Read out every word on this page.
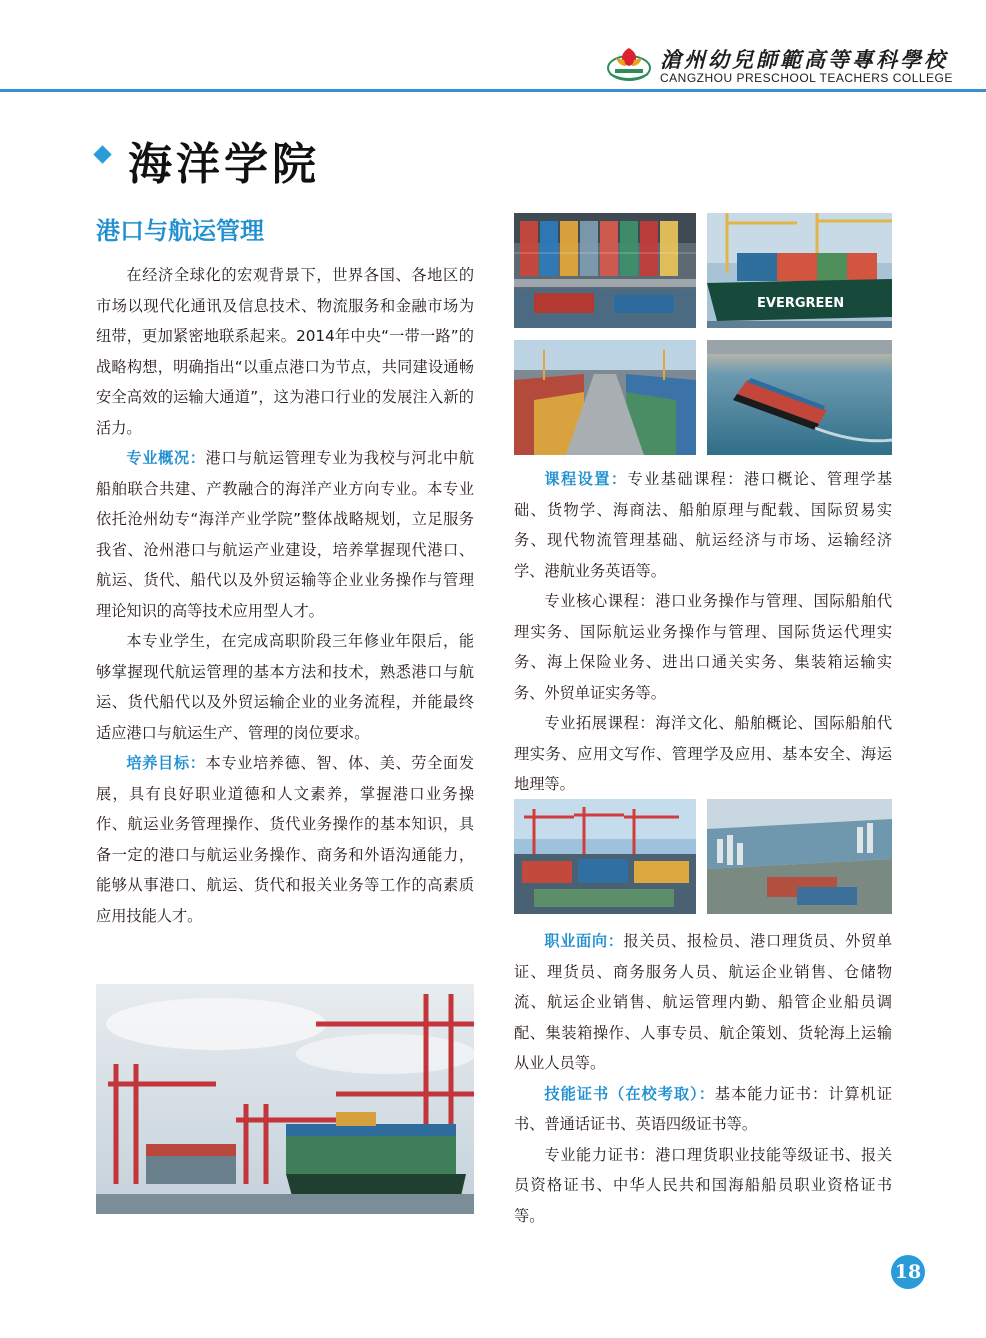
滄州幼兒師範高等專科學校
CANGZHOU PRESCHOOL TEACHERS COLLEGE
海洋学院
港口与航运管理

在经济全球化的宏观背景下，世界各国、各地区的市场以现代化通讯及信息技术、物流服务和金融市场为纽带，更加紧密地联系起来。2014年中央“一带一路”的战略构想，明确指出“以重点港口为节点，共同建设通畅安全高效的运输大通道”，这为港口行业的发展注入新的活力。

专业概况：港口与航运管理专业为我校与河北中航船舶联合共建、产教融合的海洋产业方向专业。本专业依托沧州幼专“海洋产业学院”整体战略规划，立足服务我省、沧州港口与航运产业建设，培养掌握现代港口、航运、货代、船代以及外贸运输等企业业务操作与管理理论知识的高等技术应用型人才。

本专业学生，在完成高职阶段三年修业年限后，能够掌握现代航运管理的基本方法和技术，熟悉港口与航运、货代船代以及外贸运输企业的业务流程，并能最终适应港口与航运生产、管理的岗位要求。

培养目标：本专业培养德、智、体、美、劳全面发展，具有良好职业道德和人文素养，掌握港口业务操作、航运业务管理操作、货代业务操作的基本知识，具备一定的港口与航运业务操作、商务和外语沟通能力，能够从事港口、航运、货代和报关业务等工作的高素质应用技能人才。

课程设置：专业基础课程：港口概论、管理学基础、货物学、海商法、船舶原理与配载、国际贸易实务、现代物流管理基础、航运经济与市场、运输经济学、港航业务英语等。

专业核心课程：港口业务操作与管理、国际船舶代理实务、国际航运业务操作与管理、国际货运代理实务、海上保险业务、进出口通关实务、集装箱运输实务、外贸单证实务等。

专业拓展课程：海洋文化、船舶概论、国际船舶代理实务、应用文写作、管理学及应用、基本安全、海运地理等。

职业面向：报关员、报检员、港口理货员、外贸单证、理货员、商务服务人员、航运企业销售、仓储物流、航运企业销售、航运管理内勤、船管企业船员调配、集装箱操作、人事专员、航企策划、货轮海上运输从业人员等。

技能证书（在校考取）：基本能力证书：计算机证书、普通话证书、英语四级证书等。

专业能力证书：港口理货职业技能等级证书、报关员资格证书、中华人民共和国海船船员职业资格证书等。

EVERGREEN
18
